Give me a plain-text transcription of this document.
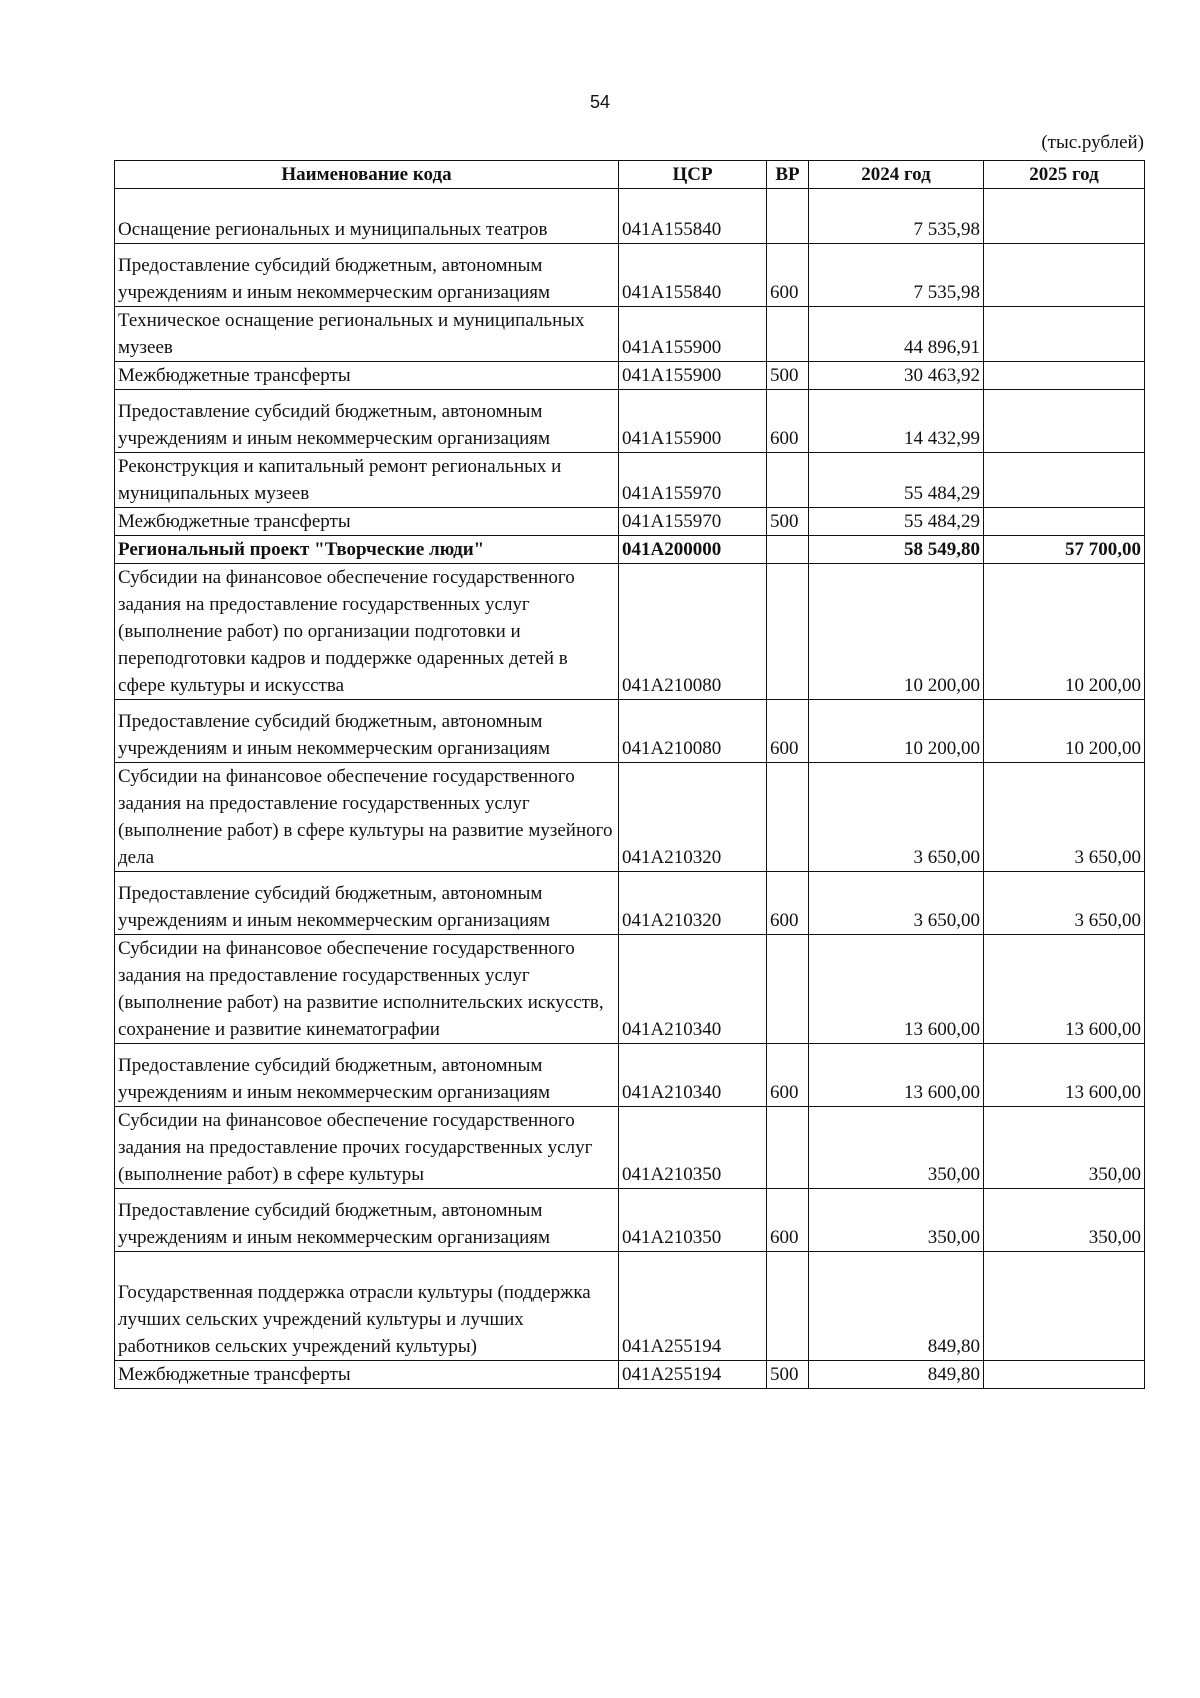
54
(тыс.рублей)
Наименование кода	ЦСР	ВР	2024 год	2025 год

Оснащение региональных и муниципальных театров	041A155840		7 535,98	

Предоставление субсидий бюджетным, автономным учреждениям и иным некоммерческим организациям	041A155840	600	7 535,98	
Техническое оснащение региональных и муниципальных музеев	041A155900		44 896,91	
Межбюджетные трансферты	041A155900	500	30 463,92	

Предоставление субсидий бюджетным, автономным учреждениям и иным некоммерческим организациям	041A155900	600	14 432,99	
Реконструкция и капитальный ремонт региональных и муниципальных музеев	041A155970		55 484,29	
Межбюджетные трансферты	041A155970	500	55 484,29	
Региональный проект "Творческие люди"	041A200000		58 549,80	57 700,00
Субсидии на финансовое обеспечение государственного задания на предоставление государственных услуг (выполнение работ) по организации подготовки и переподготовки кадров и поддержке одаренных детей в сфере культуры и искусства	041A210080		10 200,00	10 200,00

Предоставление субсидий бюджетным, автономным учреждениям и иным некоммерческим организациям	041A210080	600	10 200,00	10 200,00
Субсидии на финансовое обеспечение государственного задания на предоставление государственных услуг (выполнение работ) в сфере культуры на развитие музейного дела	041A210320		3 650,00	3 650,00

Предоставление субсидий бюджетным, автономным учреждениям и иным некоммерческим организациям	041A210320	600	3 650,00	3 650,00
Субсидии на финансовое обеспечение государственного задания на предоставление государственных услуг (выполнение работ) на развитие исполнительских искусств, сохранение и развитие кинематографии	041A210340		13 600,00	13 600,00

Предоставление субсидий бюджетным, автономным учреждениям и иным некоммерческим организациям	041A210340	600	13 600,00	13 600,00
Субсидии на финансовое обеспечение государственного задания на предоставление прочих государственных услуг (выполнение работ) в сфере культуры	041A210350		350,00	350,00

Предоставление субсидий бюджетным, автономным учреждениям и иным некоммерческим организациям	041A210350	600	350,00	350,00

Государственная поддержка отрасли культуры (поддержка лучших сельских учреждений культуры и лучших работников сельских учреждений культуры)	041A255194		849,80	
Межбюджетные трансферты	041A255194	500	849,80	
